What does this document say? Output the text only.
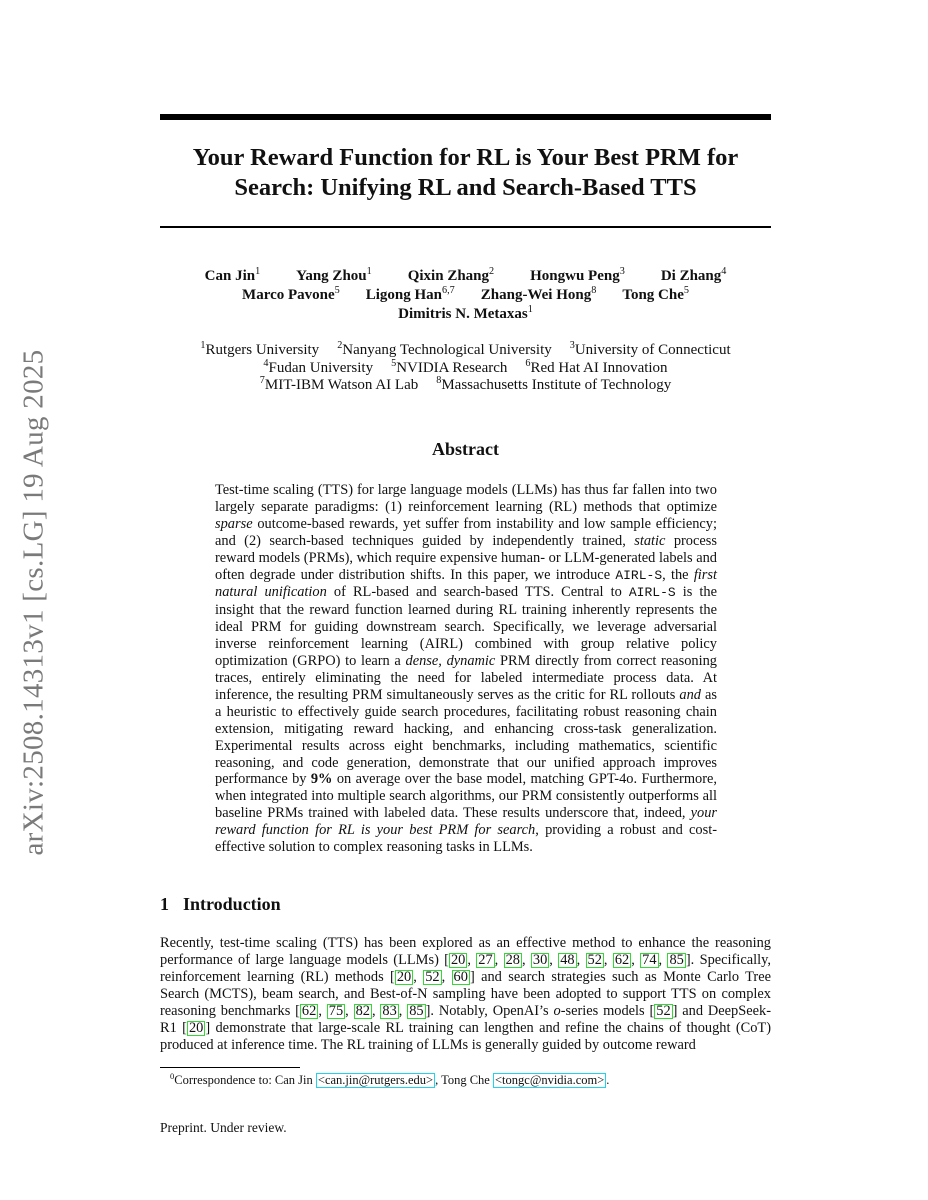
arXiv:2508.14313v1 [cs.LG] 19 Aug 2025
Your Reward Function for RL is Your Best PRM for Search: Unifying RL and Search-Based TTS
Can Jin$^1$ Yang Zhou$^1$ Qixin Zhang$^2$ Hongwu Peng$^3$ Di Zhang$^4$
Marco Pavone$^5$ Ligong Han$^{6,7}$ Zhang-Wei Hong$^8$ Tong Che$^5$
Dimitris N. Metaxas$^1$
$^1$Rutgers University $^2$Nanyang Technological University $^3$University of Connecticut
$^4$Fudan University $^5$NVIDIA Research $^6$Red Hat AI Innovation
$^7$MIT-IBM Watson AI Lab $^8$Massachusetts Institute of Technology
Abstract

Test-time scaling (TTS) for large language models (LLMs) has thus far fallen into two largely separate paradigms: (1) reinforcement learning (RL) methods that optimize sparse outcome-based rewards, yet suffer from instability and low sample efficiency; and (2) search-based techniques guided by independently trained, static process reward models (PRMs), which require expensive human- or LLM-generated labels and often degrade under distribution shifts. In this paper, we introduce AIRL-S, the first natural unification of RL-based and search-based TTS. Central to AIRL-S is the insight that the reward function learned during RL training inherently represents the ideal PRM for guiding downstream search. Specifically, we leverage adversarial inverse reinforcement learning (AIRL) combined with group relative policy optimization (GRPO) to learn a dense, dynamic PRM directly from correct reasoning traces, entirely eliminating the need for labeled intermediate process data. At inference, the resulting PRM simultaneously serves as the critic for RL rollouts and as a heuristic to effectively guide search procedures, facilitating robust reasoning chain extension, mitigating reward hacking, and enhancing cross-task generalization. Experimental results across eight benchmarks, including mathematics, scientific reasoning, and code generation, demonstrate that our unified approach improves performance by 9% on average over the base model, matching GPT-4o. Furthermore, when integrated into multiple search algorithms, our PRM consistently outperforms all baseline PRMs trained with labeled data. These results underscore that, indeed, your reward function for RL is your best PRM for search, providing a robust and cost-effective solution to complex reasoning tasks in LLMs.

1 Introduction

Recently, test-time scaling (TTS) has been explored as an effective method to enhance the reasoning performance of large language models (LLMs) [ 20 , 27 , 28 , 30 , 48 , 52 , 62 , 74 , 85 ]. Specifically, reinforcement learning (RL) methods [ 20 , 52 , 60 ] and search strategies such as Monte Carlo Tree Search (MCTS), beam search, and Best-of-N sampling have been adopted to support TTS on complex reasoning benchmarks [ 62 , 75 , 82 , 83 , 85 ]. Notably, OpenAI’s o-series models [ 52 ] and DeepSeek-R1 [ 20 ] demonstrate that large-scale RL training can lengthen and refine the chains of thought (CoT) produced at inference time. The RL training of LLMs is generally guided by outcome reward

$^0$Correspondence to: Can Jin <can.jin@rutgers.edu> , Tong Che <tongc@nvidia.com> .

Preprint. Under review.
